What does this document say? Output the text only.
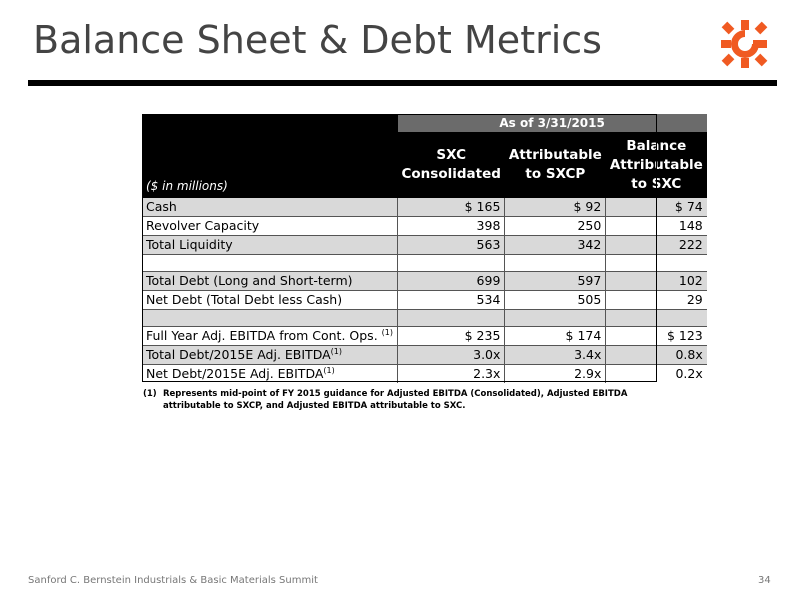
Balance Sheet & Debt Metrics
	As of 3/31/2015		
($ in millions)	SXC Consolidated	Attributable to SXCP	Balance Attributable to SXC
Cash	$ 165	$ 92	$ 74
Revolver Capacity	398	250	148
Total Liquidity	563	342	222

Total Debt (Long and Short-term)	699	597	102
Net Debt (Total Debt less Cash)	534	505	29

Full Year Adj. EBITDA from Cont. Ops. $^{(1)}$	$ 235	$ 174	$ 123
Total Debt/2015E Adj. EBITDA$^{(1)}$	3.0x	3.4x	0.8x
Net Debt/2015E Adj. EBITDA$^{(1)}$	2.3x	2.9x	0.2x
(1) Represents mid-point of FY 2015 guidance for Adjusted EBITDA (Consolidated), Adjusted EBITDA attributable to SXCP, and Adjusted EBITDA attributable to SXC.
Sanford C. Bernstein Industrials & Basic Materials Summit	34
